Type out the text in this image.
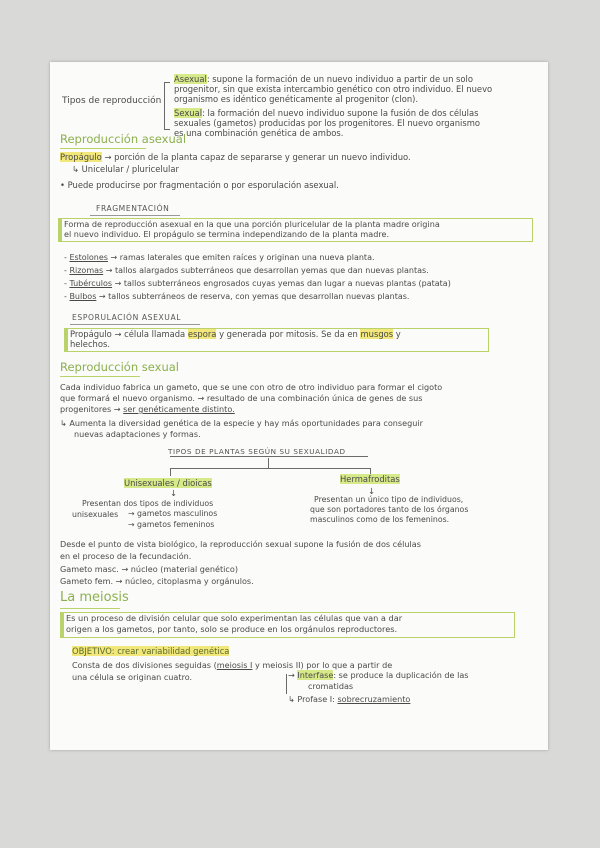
Tipos de reproducción
Asexual: supone la formación de un nuevo individuo a partir de un solo
progenitor, sin que exista intercambio genético con otro individuo. El nuevo
organismo es idéntico genéticamente al progenitor (clon).
Sexual: la formación del nuevo individuo supone la fusión de dos células
sexuales (gametos) producidas por los progenitores. El nuevo organismo
es una combinación genética de ambos.
Reproducción asexual
Propágulo → porción de la planta capaz de separarse y generar un nuevo individuo.
↳ Unicelular / pluricelular
• Puede producirse por fragmentación o por esporulación asexual.
FRAGMENTACIÓN
Forma de reproducción asexual en la que una porción pluricelular de la planta madre origina
el nuevo individuo. El propágulo se termina independizando de la planta madre.
- Estolones → ramas laterales que emiten raíces y originan una nueva planta.
- Rizomas → tallos alargados subterráneos que desarrollan yemas que dan nuevas plantas.
- Tubérculos → tallos subterráneos engrosados cuyas yemas dan lugar a nuevas plantas (patata)
- Bulbos → tallos subterráneos de reserva, con yemas que desarrollan nuevas plantas.
ESPORULACIÓN ASEXUAL
Propágulo → célula llamada espora y generada por mitosis. Se da en musgos y
helechos.
Reproducción sexual
Cada individuo fabrica un gameto, que se une con otro de otro individuo para formar el cigoto
que formará el nuevo organismo. → resultado de una combinación única de genes de sus
progenitores → ser genéticamente distinto.
↳ Aumenta la diversidad genética de la especie y hay más oportunidades para conseguir
nuevas adaptaciones y formas.
TIPOS DE PLANTAS SEGÚN SU SEXUALIDAD
Unisexuales / dioicas	Hermafroditas
↓	↓
Presentan dos tipos de individuos
unisexuales → gametos masculinos
→ gametos femeninos
Presentan un único tipo de individuos,
que son portadores tanto de los órganos
masculinos como de los femeninos.
Desde el punto de vista biológico, la reproducción sexual supone la fusión de dos células
en el proceso de la fecundación.
Gameto masc. → núcleo (material genético)
Gameto fem. → núcleo, citoplasma y orgánulos.
La meiosis
Es un proceso de división celular que solo experimentan las células que van a dar
origen a los gametos, por tanto, solo se produce en los orgánulos reproductores.
OBJETIVO: crear variabilidad genética
Consta de dos divisiones seguidas (meiosis I y meiosis II) por lo que a partir de
una célula se originan cuatro.	→ Interfase: se produce la duplicación de las
cromatidas
↳ Profase I: sobrecruzamiento
